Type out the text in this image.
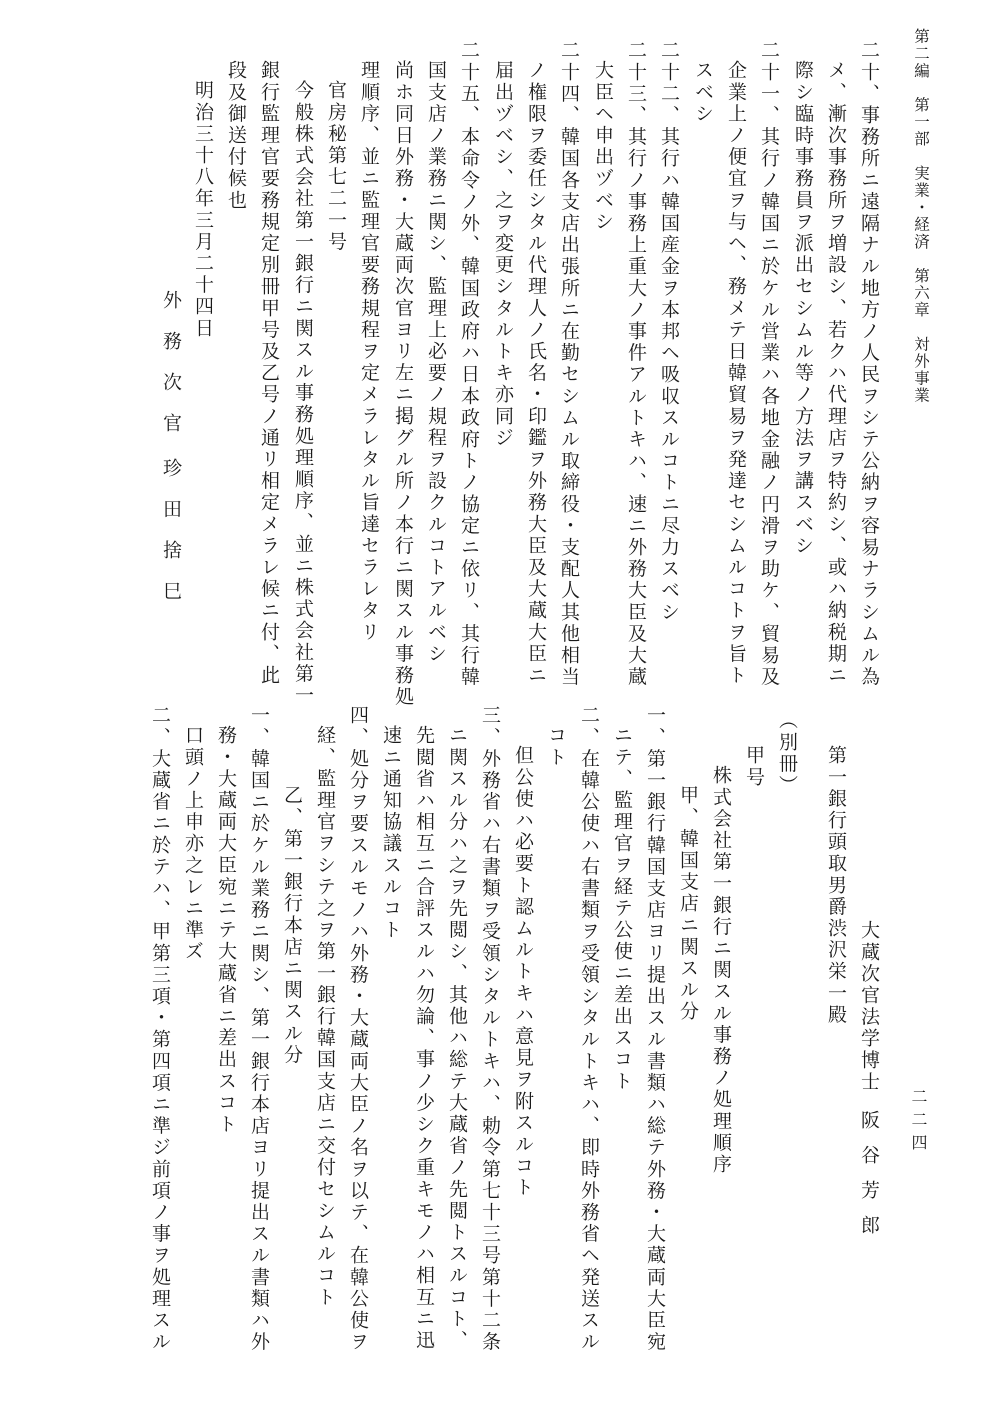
第二編　第一部　実業・経済　第六章　対外事業
二二四
二十、事務所ニ遠隔ナル地方ノ人民ヲシテ公納ヲ容易ナラシムル為
メ、漸次事務所ヲ増設シ、若クハ代理店ヲ特約シ、或ハ納税期ニ
際シ臨時事務員ヲ派出セシムル等ノ方法ヲ講スベシ
二十一、其行ノ韓国ニ於ケル営業ハ各地金融ノ円滑ヲ助ケ、貿易及
企業上ノ便宜ヲ与ヘ、務メテ日韓貿易ヲ発達セシムルコトヲ旨ト
スベシ
二十二、其行ハ韓国産金ヲ本邦ヘ吸収スルコトニ尽力スベシ
二十三、其行ノ事務上重大ノ事件アルトキハ、速ニ外務大臣及大蔵
大臣ヘ申出ヅベシ
二十四、韓国各支店出張所ニ在勤セシムル取締役・支配人其他相当
ノ権限ヲ委任シタル代理人ノ氏名・印鑑ヲ外務大臣及大蔵大臣ニ
届出ヅベシ、之ヲ変更シタルトキ亦同ジ
二十五、本命令ノ外、韓国政府ハ日本政府トノ協定ニ依リ、其行韓
国支店ノ業務ニ関シ、監理上必要ノ規程ヲ設クルコトアルベシ
尚ホ同日外務・大蔵両次官ヨリ左ニ掲グル所ノ本行ニ関スル事務処
理順序、並ニ監理官要務規程ヲ定メラレタル旨達セラレタリ
官房秘第七二一号
今般株式会社第一銀行ニ関スル事務処理順序、並ニ株式会社第一
銀行監理官要務規定別冊甲号及乙号ノ通リ相定メラレ候ニ付、此
段及御送付候也
明治三十八年三月二十四日
外務次官
珍田捨巳
大蔵次官法学博士
阪谷芳郎
第一銀行頭取男爵渋沢栄一殿
（別冊）
甲号
株式会社第一銀行ニ関スル事務ノ処理順序
甲、韓国支店ニ関スル分
一、第一銀行韓国支店ヨリ提出スル書類ハ総テ外務・大蔵両大臣宛
ニテ、監理官ヲ経テ公使ニ差出スコト
二、在韓公使ハ右書類ヲ受領シタルトキハ、即時外務省ヘ発送スル
コト
但公使ハ必要ト認ムルトキハ意見ヲ附スルコト
三、外務省ハ右書類ヲ受領シタルトキハ、勅令第七十三号第十二条
ニ関スル分ハ之ヲ先閲シ、其他ハ総テ大蔵省ノ先閲トスルコト、
先閲省ハ相互ニ合評スルハ勿論、事ノ少シク重キモノハ相互ニ迅
速ニ通知協議スルコト
四、処分ヲ要スルモノハ外務・大蔵両大臣ノ名ヲ以テ、在韓公使ヲ
経、監理官ヲシテ之ヲ第一銀行韓国支店ニ交付セシムルコト
乙、第一銀行本店ニ関スル分
一、韓国ニ於ケル業務ニ関シ、第一銀行本店ヨリ提出スル書類ハ外
務・大蔵両大臣宛ニテ大蔵省ニ差出スコト
口頭ノ上申亦之レニ準ズ
二、大蔵省ニ於テハ、甲第三項・第四項ニ準ジ前項ノ事ヲ処理スル
